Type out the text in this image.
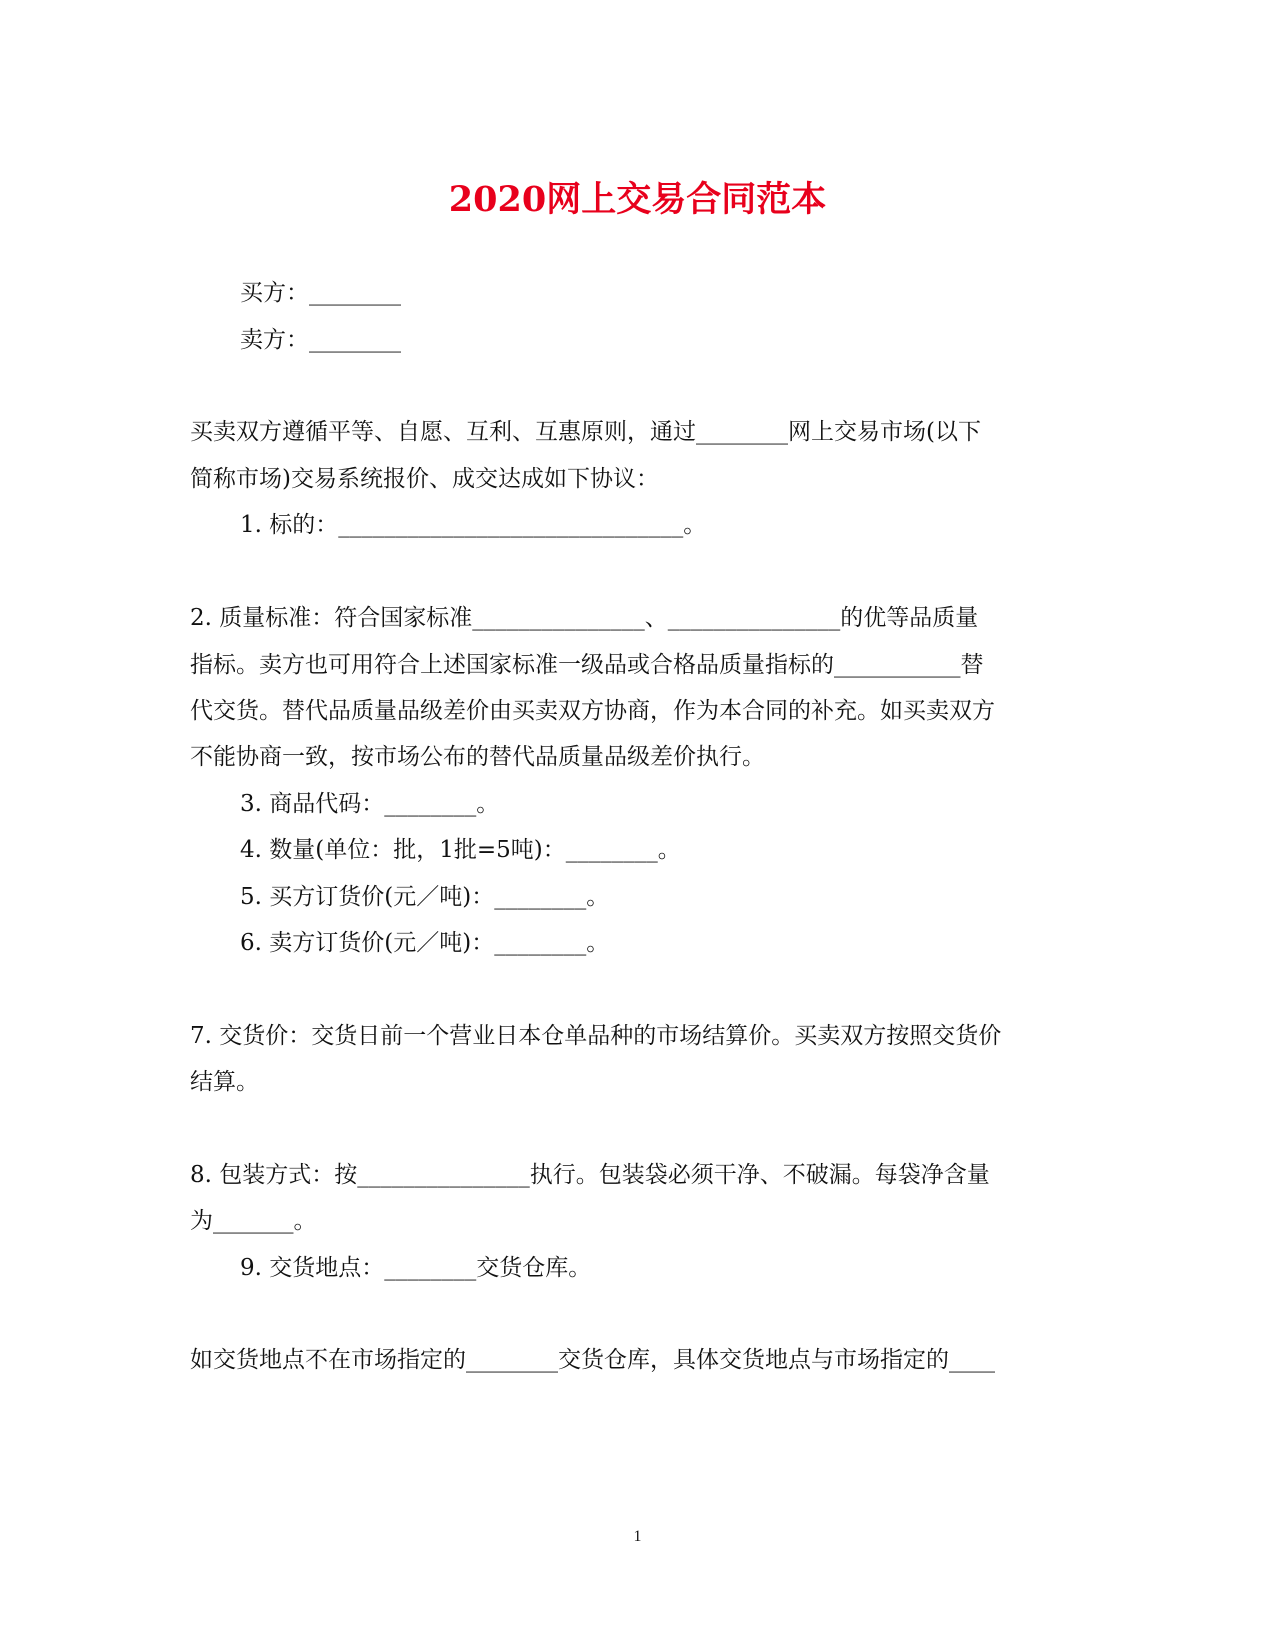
2020网上交易合同范本
买方：________
卖方：________
买卖双方遵循平等、自愿、互利、互惠原则，通过________网上交易市场(以下
简称市场)交易系统报价、成交达成如下协议：
1. 标的：______________________________。
2. 质量标准：符合国家标准_______________、_______________的优等品质量
指标。卖方也可用符合上述国家标准一级品或合格品质量指标的___________替
代交货。替代品质量品级差价由买卖双方协商，作为本合同的补充。如买卖双方
不能协商一致，按市场公布的替代品质量品级差价执行。
3. 商品代码：________。
4. 数量(单位：批，1批=5吨)：________。
5. 买方订货价(元／吨)：________。
6. 卖方订货价(元／吨)：________。
7. 交货价：交货日前一个营业日本仓单品种的市场结算价。买卖双方按照交货价
结算。
8. 包装方式：按_______________执行。包装袋必须干净、不破漏。每袋净含量
为_______。
9. 交货地点：________交货仓库。
如交货地点不在市场指定的________交货仓库，具体交货地点与市场指定的____
1
